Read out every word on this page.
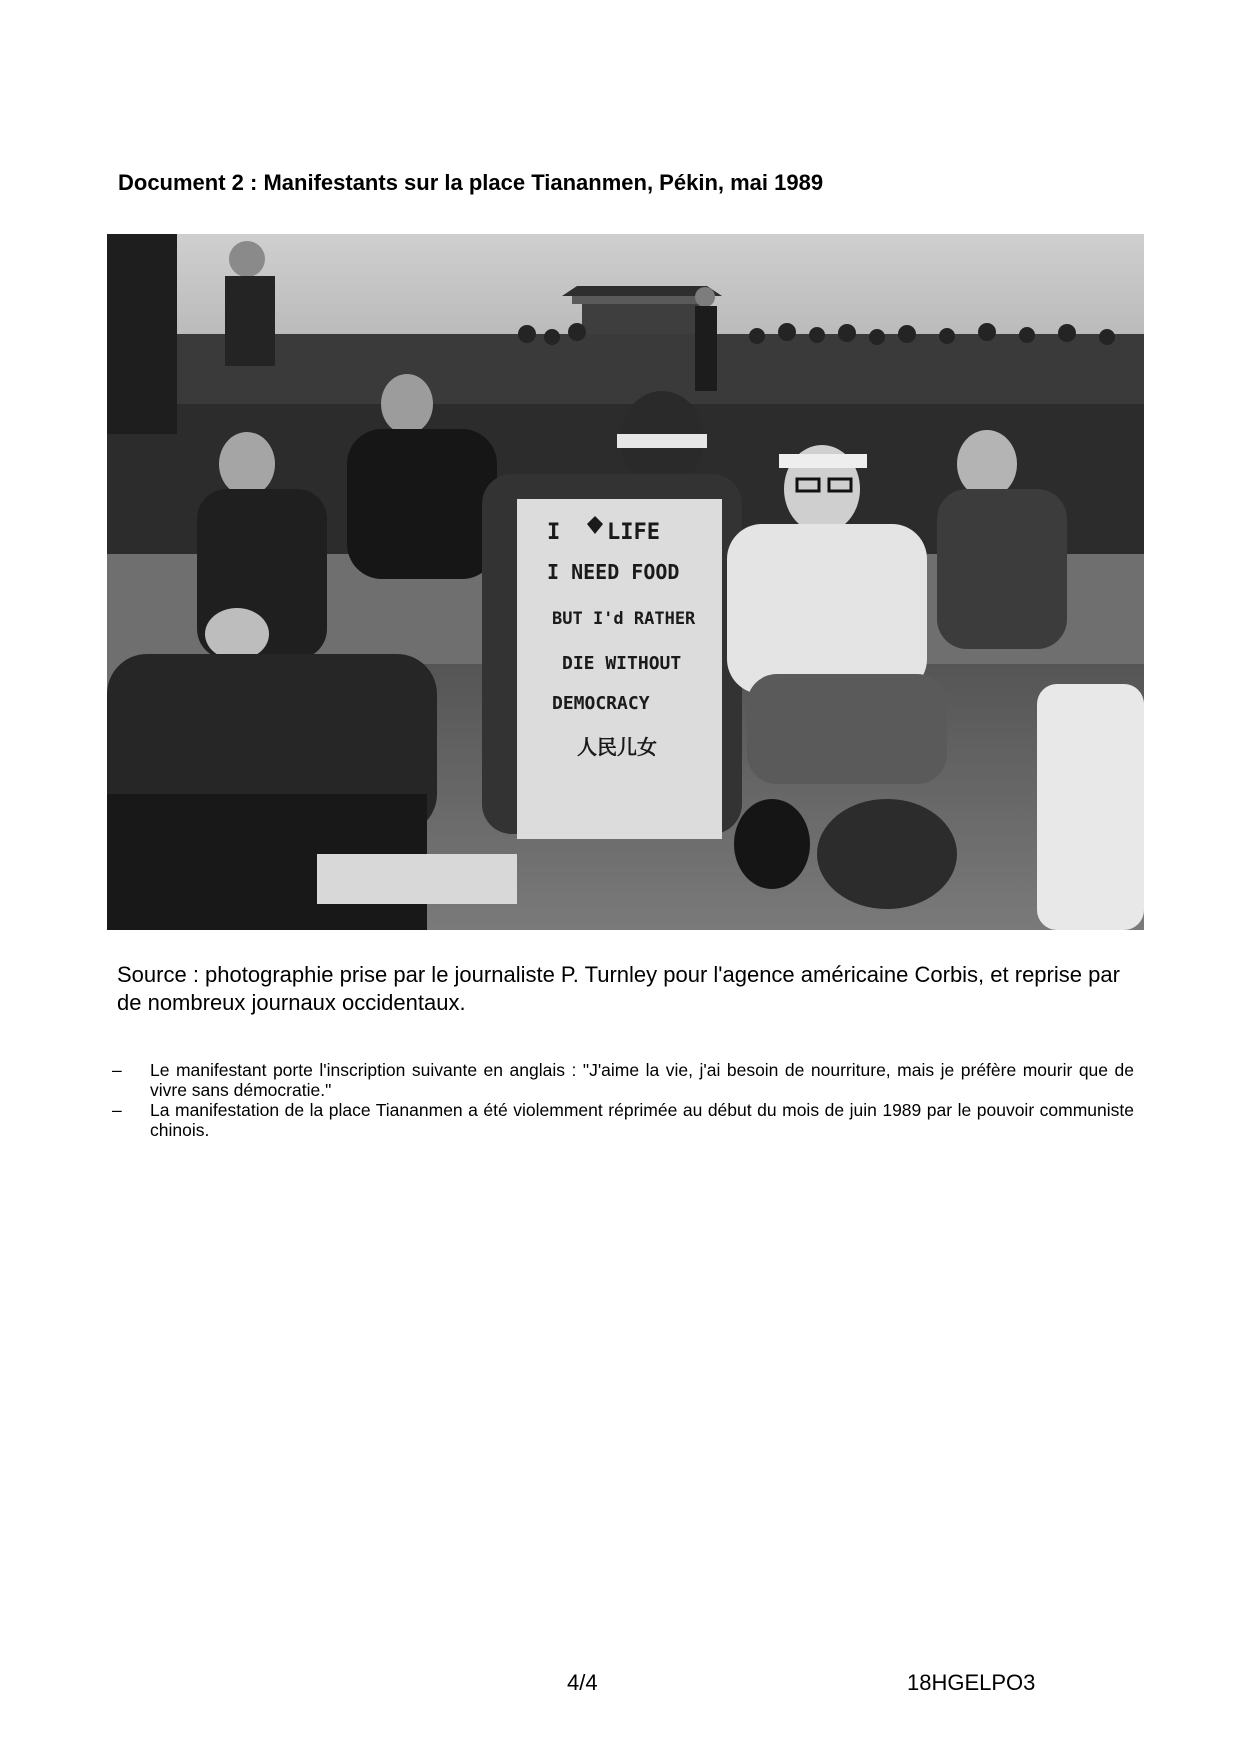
Document 2 : Manifestants sur la place Tiananmen, Pékin, mai 1989
I LIFE
I NEED FOOD
BUT I'd RATHER
DIE WITHOUT
DEMOCRACY
人民儿女
Source : photographie prise par le journaliste P. Turnley pour l'agence américaine Corbis, et reprise par de nombreux journaux occidentaux.
– Le manifestant porte l'inscription suivante en anglais : "J'aime la vie, j'ai besoin de nourriture, mais je préfère mourir que de vivre sans démocratie."
– La manifestation de la place Tiananmen a été violemment réprimée au début du mois de juin 1989 par le pouvoir communiste chinois.
4/4	18HGELPO3
